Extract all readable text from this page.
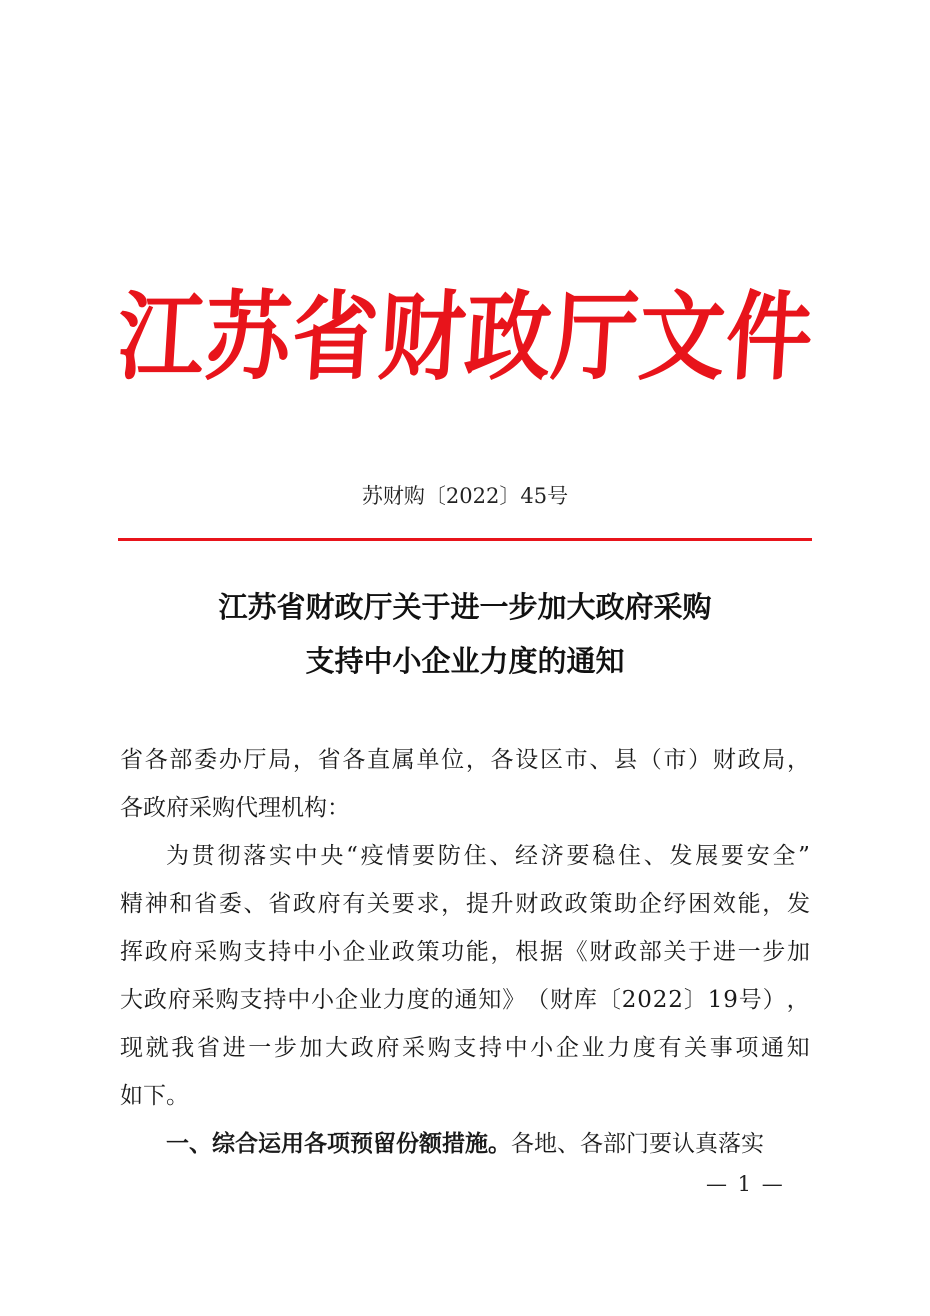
江
苏
省
财
政
厅
文
件
苏财购〔2022〕45号
江苏省财政厅关于进一步加大政府采购
支持中小企业力度的通知
省 各 部 委 办 厅 局 ， 省 各 直 属 单 位 ， 各 设 区 市 、 县 （ 市 ） 财 政 局 ，
各政府采购代理机构：
为 贯 彻 落 实 中 央 “ 疫 情 要 防 住 、 经 济 要 稳 住 、 发 展 要 安 全 ”
精 神 和 省 委 、 省 政 府 有 关 要 求 ， 提 升 财 政 政 策 助 企 纾 困 效 能 ， 发
挥 政 府 采 购 支 持 中 小 企 业 政 策 功 能 ， 根 据 《 财 政 部 关 于 进 一 步 加
大 政 府 采 购 支 持 中 小 企 业 力 度 的 通 知 》 （ 财 库 〔 2 0 2 2 〕 1 9 号 ） ，
现 就 我 省 进 一 步 加 大 政 府 采 购 支 持 中 小 企 业 力 度 有 关 事 项 通 知
如下。
一、综合运用各项预留份额措施。各地、各部门要认真落实
— 1 —
